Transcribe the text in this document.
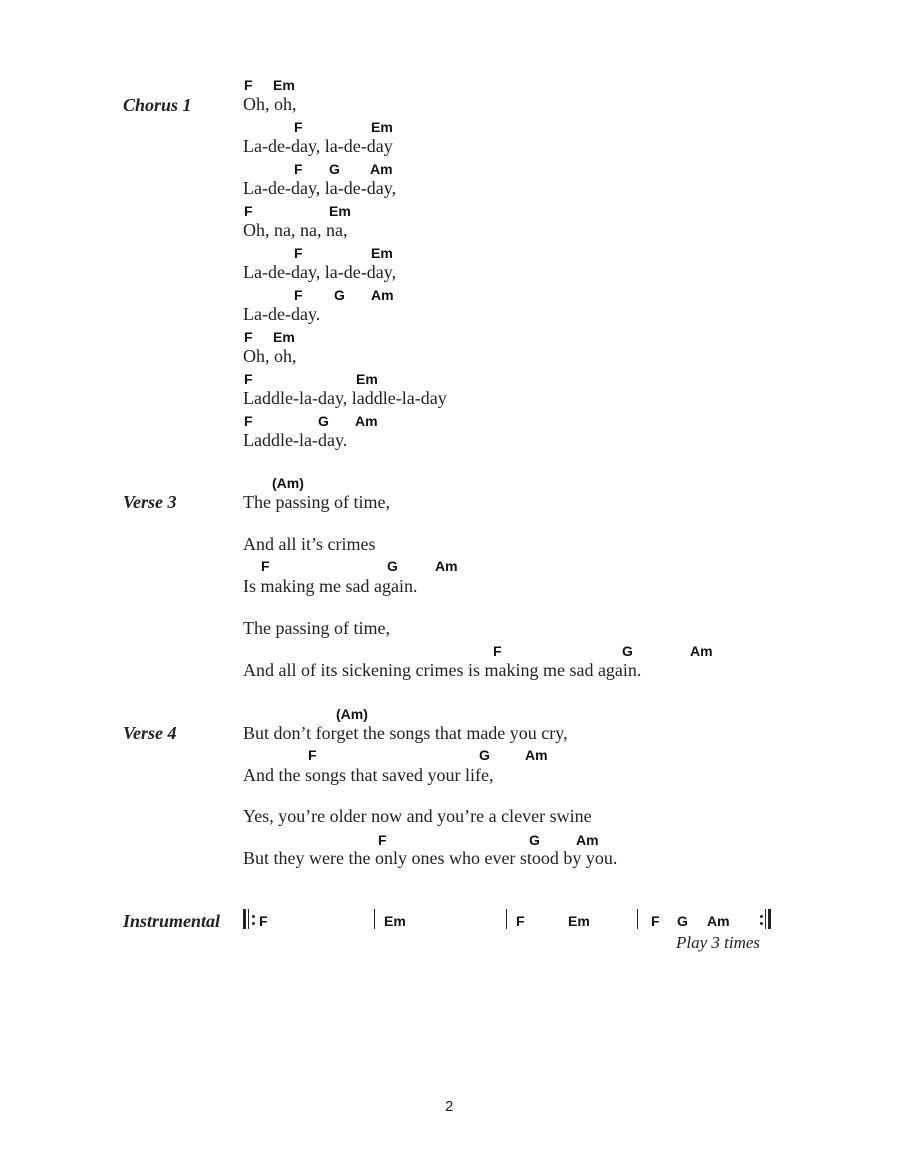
Chorus 1
F Em
Oh, oh,
F	Em
La-de-day, la-de-day
F G Am
La-de-day, la-de-day,
F	Em
Oh, na, na, na,
F	Em
La-de-day, la-de-day,
F G Am
La-de-day.
F Em
Oh, oh,
F	Em
Laddle-la-day, laddle-la-day
F	G Am
Laddle-la-day.
Verse 3
(Am)
The passing of time,
And all it’s crimes
F	G	Am
Is making me sad again.
The passing of time,
F	G	Am
And all of its sickening crimes is making me sad again.
Verse 4
(Am)
But don’t forget the songs that made you cry,
F	G	Am
And the songs that saved your life,
Yes, you’re older now and you’re a clever swine
F	G	Am
But they were the only ones who ever stood by you.
Instrumental	F	Em	F	Em	F G Am
Play 3 times
2
